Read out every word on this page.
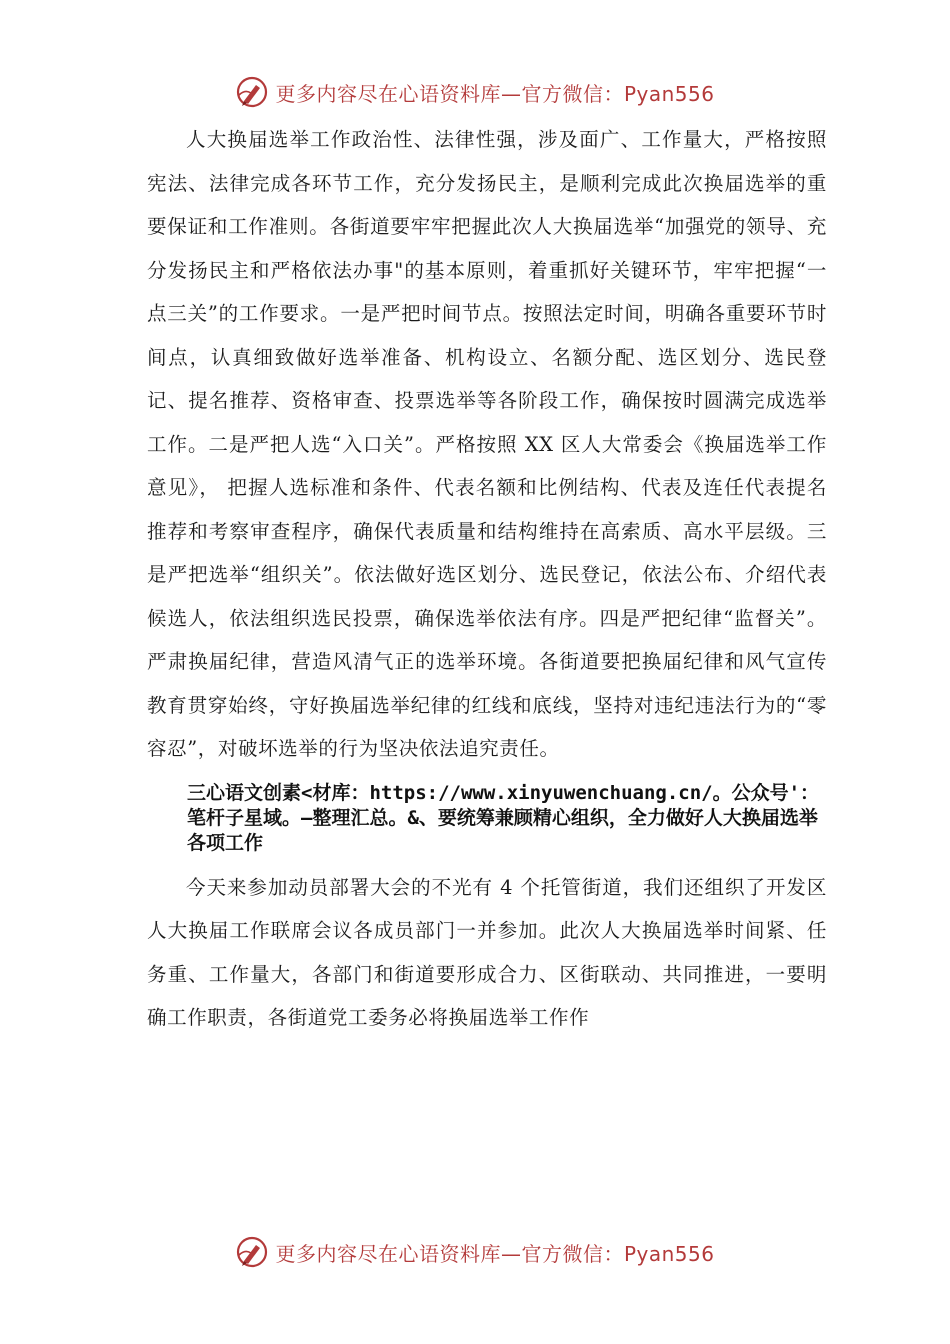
更多内容尽在心语资料库—官方微信：Pyan556

人大换届选举工作政治性、法律性强，涉及面广、工作量大，严格按照宪法、法律完成各环节工作，充分发扬民主，是顺利完成此次换届选举的重要保证和工作准则。各街道要牢牢把握此次人大换届选举“加强党的领导、充分发扬民主和严格依法办事"的基本原则，着重抓好关键环节，牢牢把握“一点三关”的工作要求。一是严把时间节点。按照法定时间，明确各重要环节时间点，认真细致做好选举准备、机构设立、名额分配、选区划分、选民登记、提名推荐、资格审查、投票选举等各阶段工作，确保按时圆满完成选举工作。二是严把人选“入口关”。严格按照 XX 区人大常委会《换届选举工作意见》， 把握人选标准和条件、代表名额和比例结构、代表及连任代表提名推荐和考察审查程序，确保代表质量和结构维持在高索质、高水平层级。三是严把选举“组织关”。依法做好选区划分、选民登记，依法公布、介绍代表候选人，依法组织选民投票，确保选举依法有序。四是严把纪律“监督关”。严肃换届纪律，营造风清气正的选举环境。各街道要把换届纪律和风气宣传教育贯穿始终，守好换届选举纪律的红线和底线，坚持对违纪违法行为的“零容忍”，对破坏选举的行为坚决依法追究责任。

三心语文创素<材库：https://www.xinyuwenchuang.cn/。公众号'：笔杆子星域。—整理汇总。&、要统筹兼顾精心组织，全力做好人大换届选举各项工作

今天来参加动员部署大会的不光有 4 个托管街道，我们还组织了开发区人大换届工作联席会议各成员部门一并参加。此次人大换届选举时间紧、任务重、工作量大，各部门和街道要形成合力、区街联动、共同推进，一要明确工作职责，各街道党工委务必将换届选举工作作

更多内容尽在心语资料库—官方微信：Pyan556
